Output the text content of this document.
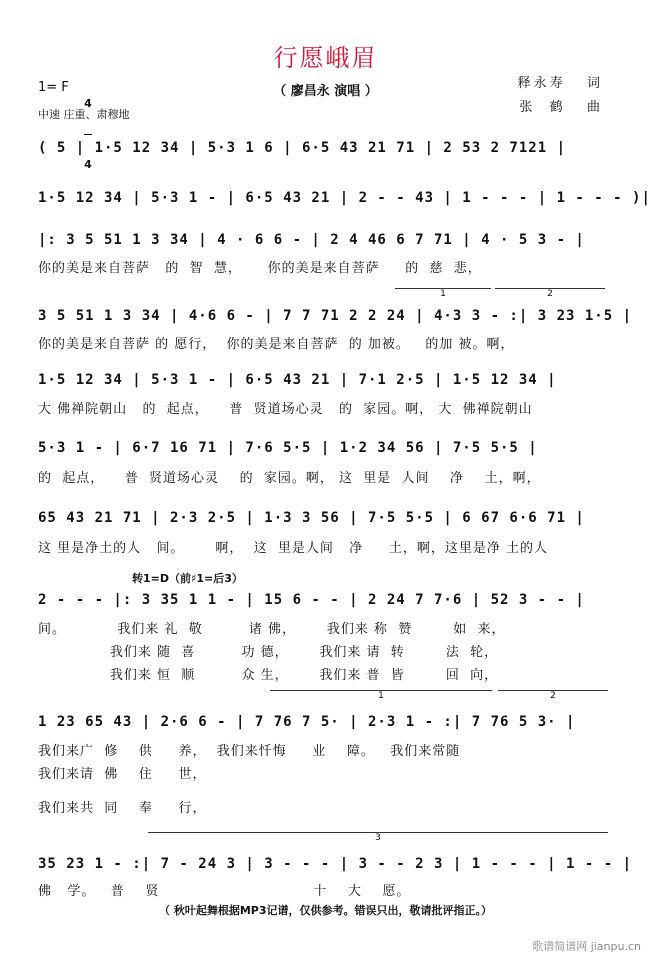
行愿峨眉
（ 廖昌永 演唱 ）
1= F

4

4

中速 庄重、肃穆地
释永寿   词
张  鹤   曲
( 5 | 1·5 12 34 | 5·3 1 6 | 6·5 43 21 71 | 2 53 2 7121 |
1·5 12 34 | 5·3 1 - | 6·5 43 21 | 2 - - 43 | 1 - - - | 1 - - - )|
|: 3 5 51 1 3 34 | 4 · 6 6 - | 2 4 46 6 7 71 | 4 · 5 3 - |
你的美是来自菩萨   的  智  慧，     你的美是来自菩萨     的  慈  悲，
1	2
3 5 51 1 3 34 | 4·6 6 - | 7 7 71 2 2 24 | 4·3 3 - :| 3 23 1·5 |
你的美是来自菩萨 的 愿行，  你的美是来自菩萨  的 加被。   的加 被。啊，
1·5 12 34 | 5·3 1 - | 6·5 43 21 | 7·1 2·5 | 1·5 12 34 |
大 佛禅院朝山   的  起点，    普  贤道场心灵   的  家园。啊， 大  佛禅院朝山
5·3 1 - | 6·7 16 71 | 7·6 5·5 | 1·2 34 56 | 7·5 5·5 |
的  起点，    普  贤道场心灵    的  家园。啊， 这  里是  人间    净    土，啊，
65 43 21 71 | 2·3 2·5 | 1·3 3 56 | 7·5 5·5 | 6 67 6·6 71 |
这 里是净土的人   间。      啊，  这  里是人间   净     土，啊，这里是净 土的人
转1=D（前♯1=后3）
2 - - - |: 3 35 1 1 - | 15 6 - - | 2 24 7 7·6 | 52 3 - - |
间。          我们来 礼  敬         诸 佛，      我们来 称  赞        如  来，
我们来 随  喜         功 德，      我们来 请  转        法  轮，
我们来 恒  顺         众 生，      我们来 普  皆        回  向，
1	2
1 23 65 43 | 2·6 6 - | 7 76 7 5· | 2·3 1 - :| 7 76 5 3· |
我们来广  修    供     养，  我们来忏悔     业    障。   我们来常随
我们来请  佛    住     世，
我们来共  同    奉     行，
3
35 23 1 - :| 7 - 24 3 | 3 - - - | 3 - - 2 3 | 1 - - - | 1 - - |
佛   学。   普    贤                              十    大    愿。
（ 秋叶起舞根据MP3记谱，仅供参考。错误只出，敬请批评指正。）
歌谱简谱网 jianpu.cn
